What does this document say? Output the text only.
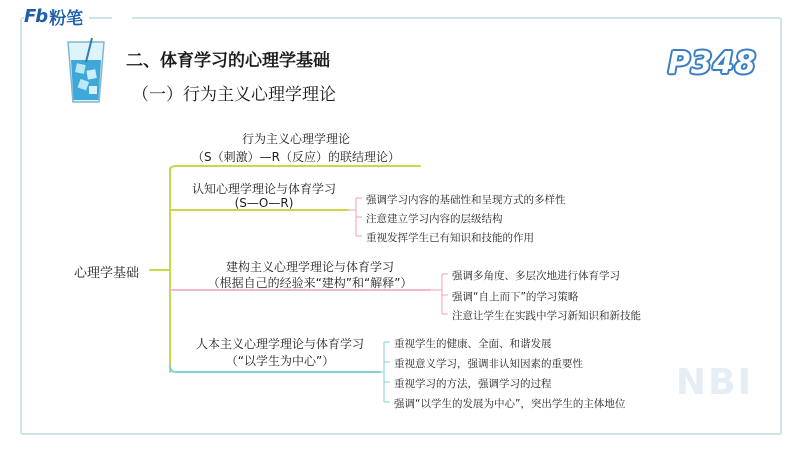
Fb 粉笔
二、体育学习的心理学基础
（一）行为主义心理学理论
P348
NBI
心理学基础
行为主义心理学理论
（S（刺激）—R（反应）的联结理论）
认知心理学理论与体育学习
(S—O—R)	强调学习内容的基础性和呈现方式的多样性
注意建立学习内容的层级结构
重视发挥学生已有知识和技能的作用
建构主义心理学理论与体育学习
（根据自己的经验来“建构”和“解释”）	强调多角度、多层次地进行体育学习
强调“自上而下”的学习策略
注意让学生在实践中学习新知识和新技能
人本主义心理学理论与体育学习
（“以学生为中心”）
重视学生的健康、全面、和谐发展
重视意义学习，强调非认知因素的重要性
重视学习的方法，强调学习的过程
强调“以学生的发展为中心”，突出学生的主体地位
